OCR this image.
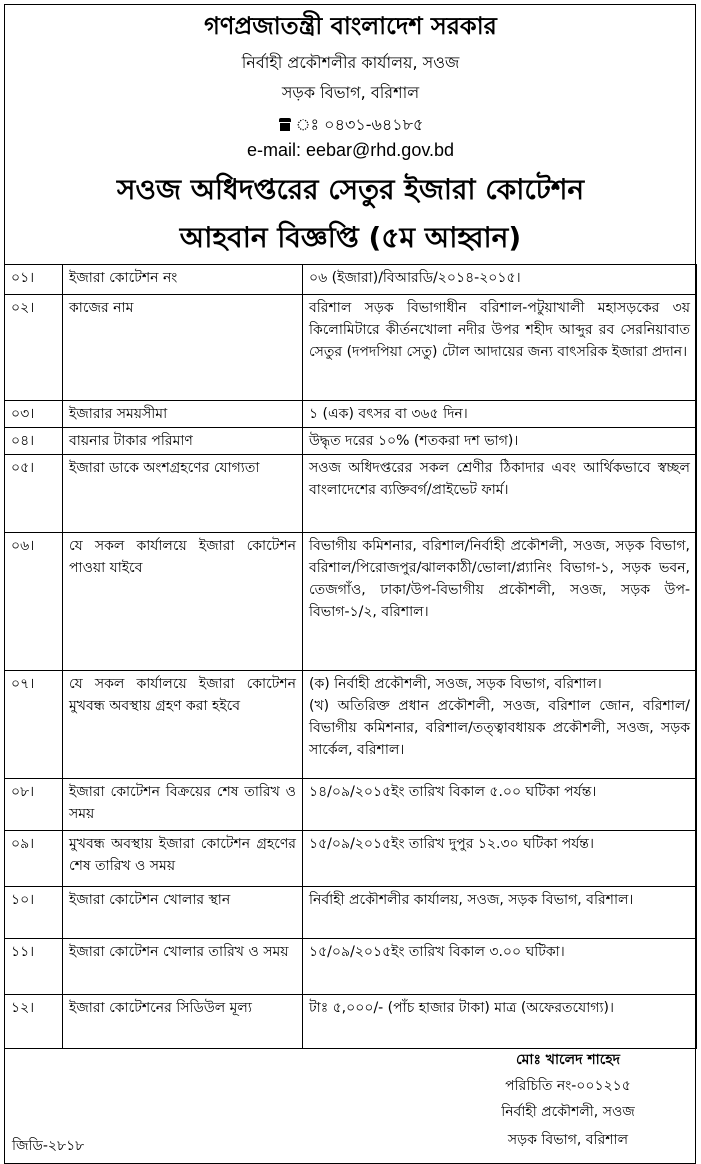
গণপ্রজাতন্ত্রী বাংলাদেশ সরকার
নির্বাহী প্রকৌশলীর কার্যালয়, সওজ
সড়ক বিভাগ, বরিশাল
ঃ ০৪৩১-৬৪১৮৫
e-mail: eebar@rhd.gov.bd
সওজ অধিদপ্তরের সেতুর ইজারা কোটেশন
আহবান বিজ্ঞপ্তি (৫ম আহ্বান)
০১।	ইজারা কোটেশন নং	০৬ (ইজারা)/বিআরডি/২০১৪-২০১৫।
০২।	কাজের নাম	বরিশাল সড়ক বিভাগাধীন বরিশাল-পটুয়াখালী মহাসড়কের ৩য় কিলোমিটারে কীর্তনখোলা নদীর উপর শহীদ আব্দুর রব সেরনিয়াবাত সেতুর (দপদপিয়া সেতু) টোল আদায়ের জন্য বাৎসরিক ইজারা প্রদান।
০৩।	ইজারার সময়সীমা	১ (এক) বৎসর বা ৩৬৫ দিন।
০৪।	বায়নার টাকার পরিমাণ	উদ্ধৃত দরের ১০% (শতকরা দশ ভাগ)।
০৫।	ইজারা ডাকে অংশগ্রহণের যোগ্যতা	সওজ অধিদপ্তরের সকল শ্রেণীর ঠিকাদার এবং আর্থিকভাবে স্বচ্ছল বাংলাদেশের ব্যক্তিবর্গ/প্রাইভেট ফার্ম।
০৬।	যে সকল কার্যালয়ে ইজারা কোটেশন পাওয়া যাইবে	বিভাগীয় কমিশনার, বরিশাল/নির্বাহী প্রকৌশলী, সওজ, সড়ক বিভাগ, বরিশাল/পিরোজপুর/ঝালকাঠী/ভোলা/প্ল্যানিং বিভাগ-১, সড়ক ভবন, তেজগাঁও, ঢাকা/উপ-বিভাগীয় প্রকৌশলী, সওজ, সড়ক উপ-বিভাগ-১/২, বরিশাল।
০৭।	যে সকল কার্যালয়ে ইজারা কোটেশন মুখবন্ধ অবস্থায় গ্রহণ করা হইবে	(ক) নির্বাহী প্রকৌশলী, সওজ, সড়ক বিভাগ, বরিশাল।
(খ) অতিরিক্ত প্রধান প্রকৌশলী, সওজ, বরিশাল জোন, বরিশাল/বিভাগীয় কমিশনার, বরিশাল/তত্ত্বাবধায়ক প্রকৌশলী, সওজ, সড়ক সার্কেল, বরিশাল।

০৮।	ইজারা কোটেশন বিক্রয়ের শেষ তারিখ ও সময়	১৪/০৯/২০১৫ইং তারিখ বিকাল ৫.০০ ঘটিকা পর্যন্ত।
০৯।	মুখবন্ধ অবস্থায় ইজারা কোটেশন গ্রহণের শেষ তারিখ ও সময়	১৫/০৯/২০১৫ইং তারিখ দুপুর ১২.৩০ ঘটিকা পর্যন্ত।
১০।	ইজারা কোটেশন খোলার স্থান	নির্বাহী প্রকৌশলীর কার্যালয়, সওজ, সড়ক বিভাগ, বরিশাল।
১১।	ইজারা কোটেশন খোলার তারিখ ও সময়	১৫/০৯/২০১৫ইং তারিখ বিকাল ৩.০০ ঘটিকা।
১২।	ইজারা কোটেশনের সিডিউল মূল্য	টাঃ ৫,০০০/- (পাঁচ হাজার টাকা) মাত্র (অফেরতযোগ্য)।
মোঃ খালেদ শাহেদ
পরিচিতি নং-০০১২১৫
নির্বাহী প্রকৌশলী, সওজ
সড়ক বিভাগ, বরিশাল
জিডি-২৮১৮
